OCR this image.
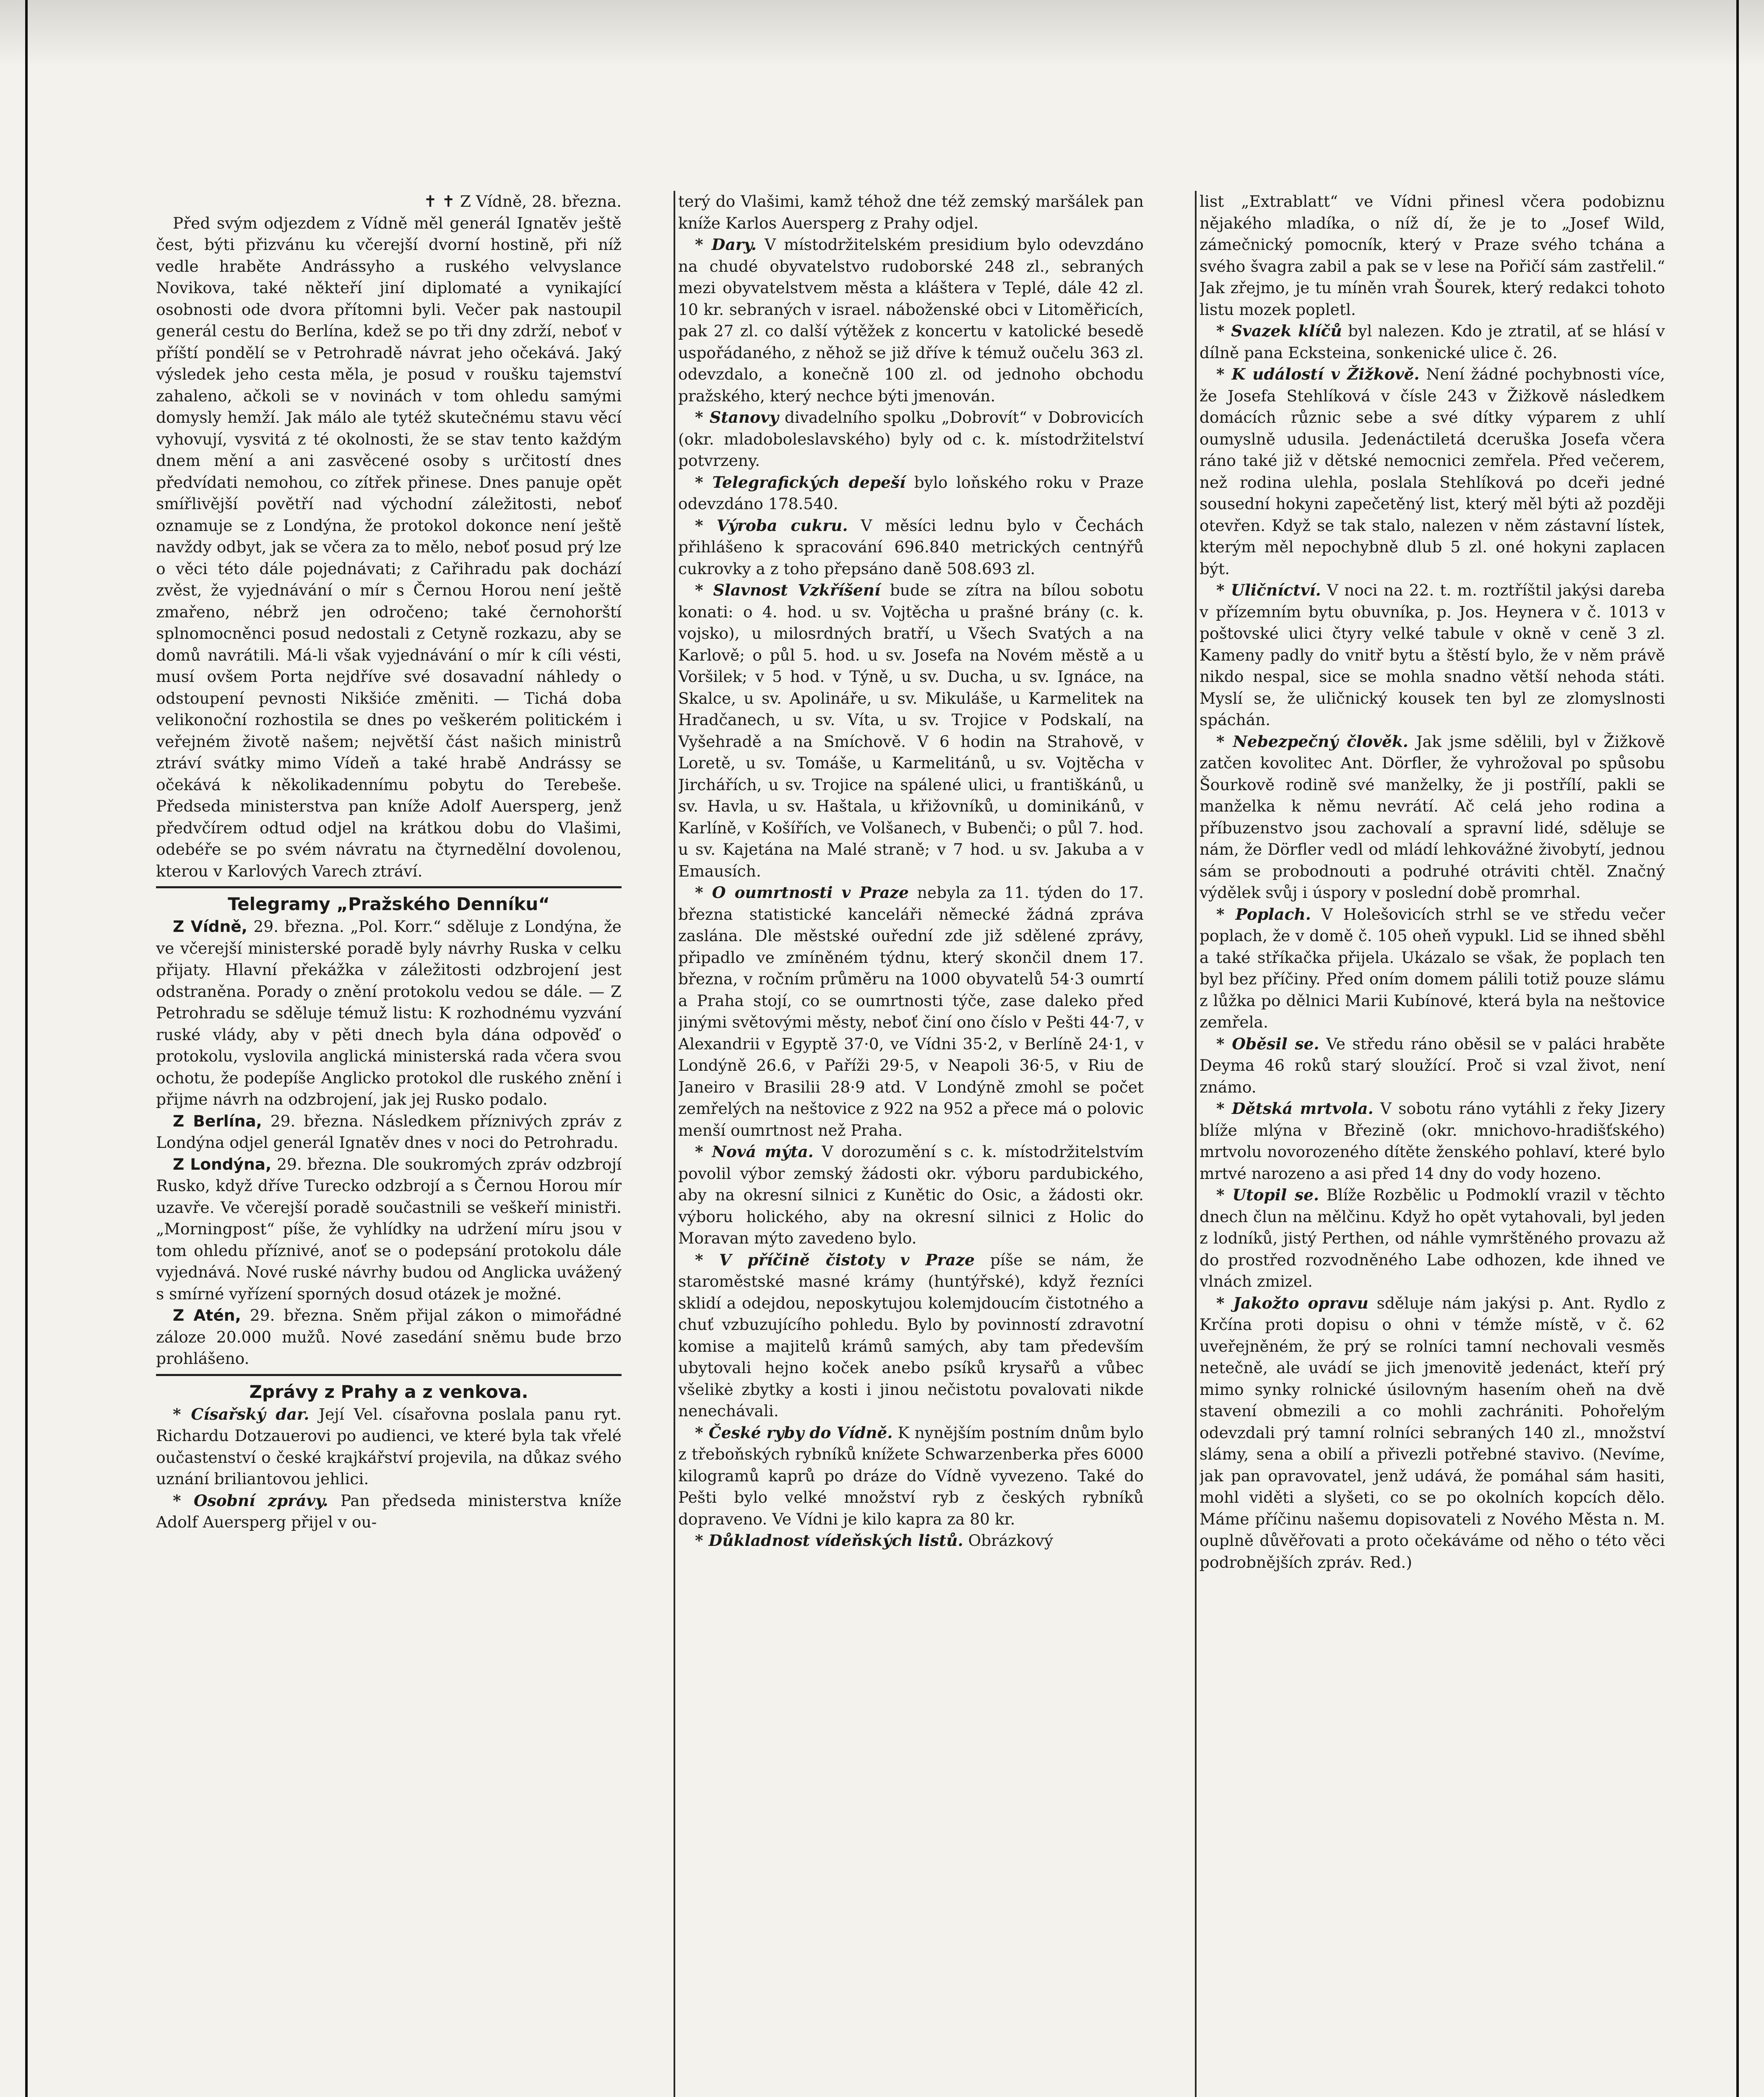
✝ ✝ Z Vídně, 28. března.

Před svým odjezdem z Vídně měl generál Ignatěv ještě čest, býti přizvánu ku včerejší dvorní hostině, při níž vedle hraběte Andrássyho a ruského velvyslance Novikova, také někteří jiní diplomaté a vynikající osobnosti ode dvora přítomni byli. Večer pak nastoupil generál cestu do Berlína, kdež se po tři dny zdrží, neboť v příští pondělí se v Petrohradě návrat jeho očekává. Jaký výsledek jeho cesta měla, je posud v roušku tajemství zahaleno, ačkoli se v novinách v tom ohledu samými domysly hemží. Jak málo ale tytéž skutečnému stavu věcí vyhovují, vysvitá z té okolnosti, že se stav tento každým dnem mění a ani zasvěcené osoby s určitostí dnes předvídati nemohou, co zítřek přinese. Dnes panuje opět smířlivější povětří nad východní záležitosti, neboť oznamuje se z Londýna, že protokol dokonce není ještě navždy odbyt, jak se včera za to mělo, neboť posud prý lze o věci této dále pojednávati; z Cařihradu pak dochází zvěst, že vyjednávání o mír s Černou Horou není ještě zmařeno, nébrž jen odročeno; také černohorští splnomocněnci posud nedostali z Cetyně rozkazu, aby se domů navrátili. Má-li však vyjednávání o mír k cíli vésti, musí ovšem Porta nejdříve své dosavadní náhledy o odstoupení pevnosti Nikšiće změniti. — Tichá doba velikonoční rozhostila se dnes po veškerém politickém i veřejném životě našem; největší část našich ministrů ztráví svátky mimo Vídeň a také hrabě Andrássy se očekává k několikadennímu pobytu do Terebeše. Předseda ministerstva pan kníže Adolf Auersperg, jenž předvčírem odtud odjel na krátkou dobu do Vlašimi, odebéře se po svém návratu na čtyrnedělní dovolenou, kterou v Karlových Varech ztráví.

Telegramy „Pražského Denníku“

Z Vídně, 29. března. „Pol. Korr.“ sděluje z Londýna, že ve včerejší ministerské poradě byly návrhy Ruska v celku přijaty. Hlavní překážka v záležitosti odzbrojení jest odstraněna. Porady o znění protokolu vedou se dále. — Z Petrohradu se sděluje témuž listu: K rozhodnému vyzvání ruské vlády, aby v pěti dnech byla dána odpověď o protokolu, vyslovila anglická ministerská rada včera svou ochotu, že podepíše Anglicko protokol dle ruského znění i přijme návrh na odzbrojení, jak jej Rusko podalo.

Z Berlína, 29. března. Následkem příznivých zpráv z Londýna odjel generál Ignatěv dnes v noci do Petrohradu.

Z Londýna, 29. března. Dle soukromých zpráv odzbrojí Rusko, když dříve Turecko odzbrojí a s Černou Horou mír uzavře. Ve včerejší poradě součastnili se veškeří ministři. „Morningpost“ píše, že vyhlídky na udržení míru jsou v tom ohledu příznivé, anoť se o podepsání protokolu dále vyjednává. Nové ruské návrhy budou od Anglicka uvážený s smírné vyřízení sporných dosud otázek je možné.

Z Atén, 29. března. Sněm přijal zákon o mimořádné záloze 20.000 mužů. Nové zasedání sněmu bude brzo prohlášeno.

Zprávy z Prahy a z venkova.

* Císařský dar. Její Vel. císařovna poslala panu ryt. Richardu Dotzauerovi po audienci, ve které byla tak vřelé oučastenství o české krajkářství projevila, na důkaz svého uznání briliantovou jehlici.

* Osobní zprávy. Pan předseda ministerstva kníže Adolf Auersperg přijel v ou-

terý do Vlašimi, kamž téhož dne též zemský maršálek pan kníže Karlos Auersperg z Prahy odjel.

* Dary. V místodržitelském presidium bylo odevzdáno na chudé obyvatelstvo rudoborské 248 zl., sebraných mezi obyvatelstvem města a kláštera v Teplé, dále 42 zl. 10 kr. sebraných v israel. náboženské obci v Litoměřicích, pak 27 zl. co další výtěžek z koncertu v katolické besedě uspořádaného, z něhož se již dříve k témuž oučelu 363 zl. odevzdalo, a konečně 100 zl. od jednoho obchodu pražského, který nechce býti jmenován.

* Stanovy divadelního spolku „Dobrovít“ v Dobrovicích (okr. mladoboleslavského) byly od c. k. místodržitelství potvrzeny.

* Telegrafických depeší bylo loňského roku v Praze odevzdáno 178.540.

* Výroba cukru. V měsíci lednu bylo v Čechách přihlášeno k spracování 696.840 metrických centnýřů cukrovky a z toho přepsáno daně 508.693 zl.

* Slavnost Vzkříšení bude se zítra na bílou sobotu konati: o 4. hod. u sv. Vojtěcha u prašné brány (c. k. vojsko), u milosrdných bratří, u Všech Svatých a na Karlově; o půl 5. hod. u sv. Josefa na Novém městě a u Voršilek; v 5 hod. v Týně, u sv. Ducha, u sv. Ignáce, na Skalce, u sv. Apolináře, u sv. Mikuláše, u Karmelitek na Hradčanech, u sv. Víta, u sv. Trojice v Podskalí, na Vyšehradě a na Smíchově. V 6 hodin na Strahově, v Loretě, u sv. Tomáše, u Karmelitánů, u sv. Vojtěcha v Jirchářích, u sv. Trojice na spálené ulici, u františkánů, u sv. Havla, u sv. Haštala, u křižovníků, u dominikánů, v Karlíně, v Košířích, ve Volšanech, v Bubenči; o půl 7. hod. u sv. Kajetána na Malé straně; v 7 hod. u sv. Jakuba a v Emausích.

* O oumrtnosti v Praze nebyla za 11. týden do 17. března statistické kanceláři německé žádná zpráva zaslána. Dle městské ouřední zde již sdělené zprávy, připadlo ve zmíněném týdnu, který skončil dnem 17. března, v ročním průměru na 1000 obyvatelů 54·3 oumrtí a Praha stojí, co se oumrtnosti týče, zase daleko před jinými světovými městy, neboť činí ono číslo v Pešti 44·7, v Alexandrii v Egyptě 37·0, ve Vídni 35·2, v Berlíně 24·1, v Londýně 26.6, v Paříži 29·5, v Neapoli 36·5, v Riu de Janeiro v Brasilii 28·9 atd. V Londýně zmohl se počet zemřelých na neštovice z 922 na 952 a přece má o polovic menší oumrtnost než Praha.

* Nová mýta. V dorozumění s c. k. místodržitelstvím povolil výbor zemský žádosti okr. výboru pardubického, aby na okresní silnici z Kunětic do Osic, a žádosti okr. výboru holického, aby na okresní silnici z Holic do Moravan mýto zavedeno bylo.

* V příčině čistoty v Praze píše se nám, že staroměstské masné krámy (huntýřské), když řezníci sklidí a odejdou, neposkytujou kolemjdoucím čistotného a chuť vzbuzujícího pohledu. Bylo by povinností zdravotní komise a majitelů krámů samých, aby tam především ubytovali hejno koček anebo psíků krysařů a vůbec všelikė zbytky a kosti i jinou nečistotu povalovati nikde nenechávali.

* České ryby do Vídně. K nynějším postním dnům bylo z třeboňských rybníků knížete Schwarzenberka přes 6000 kilogramů kaprů po dráze do Vídně vyvezeno. Také do Pešti bylo velké množství ryb z českých rybníků dopraveno. Ve Vídni je kilo kapra za 80 kr.

* Důkladnost vídeňských listů. Obrázkový

list „Extrablatt“ ve Vídni přinesl včera podobiznu nějakého mladíka, o níž dí, že je to „Josef Wild, zámečnický pomocník, který v Praze svého tchána a svého švagra zabil a pak se v lese na Pořičí sám zastřelil.“ Jak zřejmo, je tu míněn vrah Šourek, který redakci tohoto listu mozek popletl.

* Svazek klíčů byl nalezen. Kdo je ztratil, ať se hlásí v dílně pana Ecksteina, sonkenické ulice č. 26.

* K událostí v Žižkově. Není žádné pochybnosti více, že Josefa Stehlíková v čísle 243 v Žižkově následkem domácích různic sebe a své dítky výparem z uhlí oumyslně udusila. Jedenáctiletá dceruška Josefa včera ráno také již v dětské nemocnici zemřela. Před večerem, než rodina ulehla, poslala Stehlíková po dceři jedné sousední hokyni zapečetěný list, který měl býti až později otevřen. Když se tak stalo, nalezen v něm zástavní lístek, kterým měl nepochybně dlub 5 zl. oné hokyni zaplacen být.

* Uličníctví. V noci na 22. t. m. roztříštil jakýsi dareba v přízemním bytu obuvníka, p. Jos. Heynera v č. 1013 v poštovské ulici čtyry velké tabule v okně v ceně 3 zl. Kameny padly do vnitř bytu a štěstí bylo, že v něm právě nikdo nespal, sice se mohla snadno větší nehoda státi. Myslí se, že uličnický kousek ten byl ze zlomyslnosti spáchán.

* Nebezpečný člověk. Jak jsme sdělili, byl v Žižkově zatčen kovolitec Ant. Dörfler, že vyhrožoval po spůsobu Šourkově rodině své manželky, že ji postřílí, pakli se manželka k němu nevrátí. Ač celá jeho rodina a příbuzenstvo jsou zachovalí a spravní lidé, sděluje se nám, že Dörfler vedl od mládí lehkovážné živobytí, jednou sám se probodnouti a podruhé otráviti chtěl. Značný výdělek svůj i úspory v poslední době promrhal.

* Poplach. V Holešovicích strhl se ve středu večer poplach, že v domě č. 105 oheň vypukl. Lid se ihned sběhl a také stříkačka přijela. Ukázalo se však, že poplach ten byl bez příčiny. Před oním domem pálili totiž pouze slámu z lůžka po dělnici Marii Kubínové, která byla na neštovice zemřela.

* Oběsil se. Ve středu ráno oběsil se v paláci hraběte Deyma 46 roků starý sloužící. Proč si vzal život, není známo.

* Dětská mrtvola. V sobotu ráno vytáhli z řeky Jizery blíže mlýna v Březině (okr. mnichovo-hradišťského) mrtvolu novorozeného dítěte ženského pohlaví, které bylo mrtvé narozeno a asi před 14 dny do vody hozeno.

* Utopil se. Blíže Rozbělic u Podmoklí vrazil v těchto dnech člun na mělčinu. Když ho opět vytahovali, byl jeden z lodníků, jistý Perthen, od náhle vymrštěného provazu až do prostřed rozvodněného Labe odhozen, kde ihned ve vlnách zmizel.

* Jakožto opravu sděluje nám jakýsi p. Ant. Rydlo z Krčína proti dopisu o ohni v témže místě, v č. 62 uveřejněném, že prý se rolníci tamní nechovali vesměs netečně, ale uvádí se jich jmenovitě jedenáct, kteří prý mimo synky rolnické úsilovným hasením oheň na dvě stavení obmezili a co mohli zachrániti. Pohořelým odevzdali prý tamní rolníci sebraných 140 zl., množství slámy, sena a obilí a přivezli potřebné stavivo. (Nevíme, jak pan opravovatel, jenž udává, že pomáhal sám hasiti, mohl viděti a slyšeti, co se po okolních kopcích dělo. Máme příčinu našemu dopisovateli z Nového Města n. M. ouplně důvěřovati a proto očekáváme od něho o této věci podrobnějších zpráv. Red.)
